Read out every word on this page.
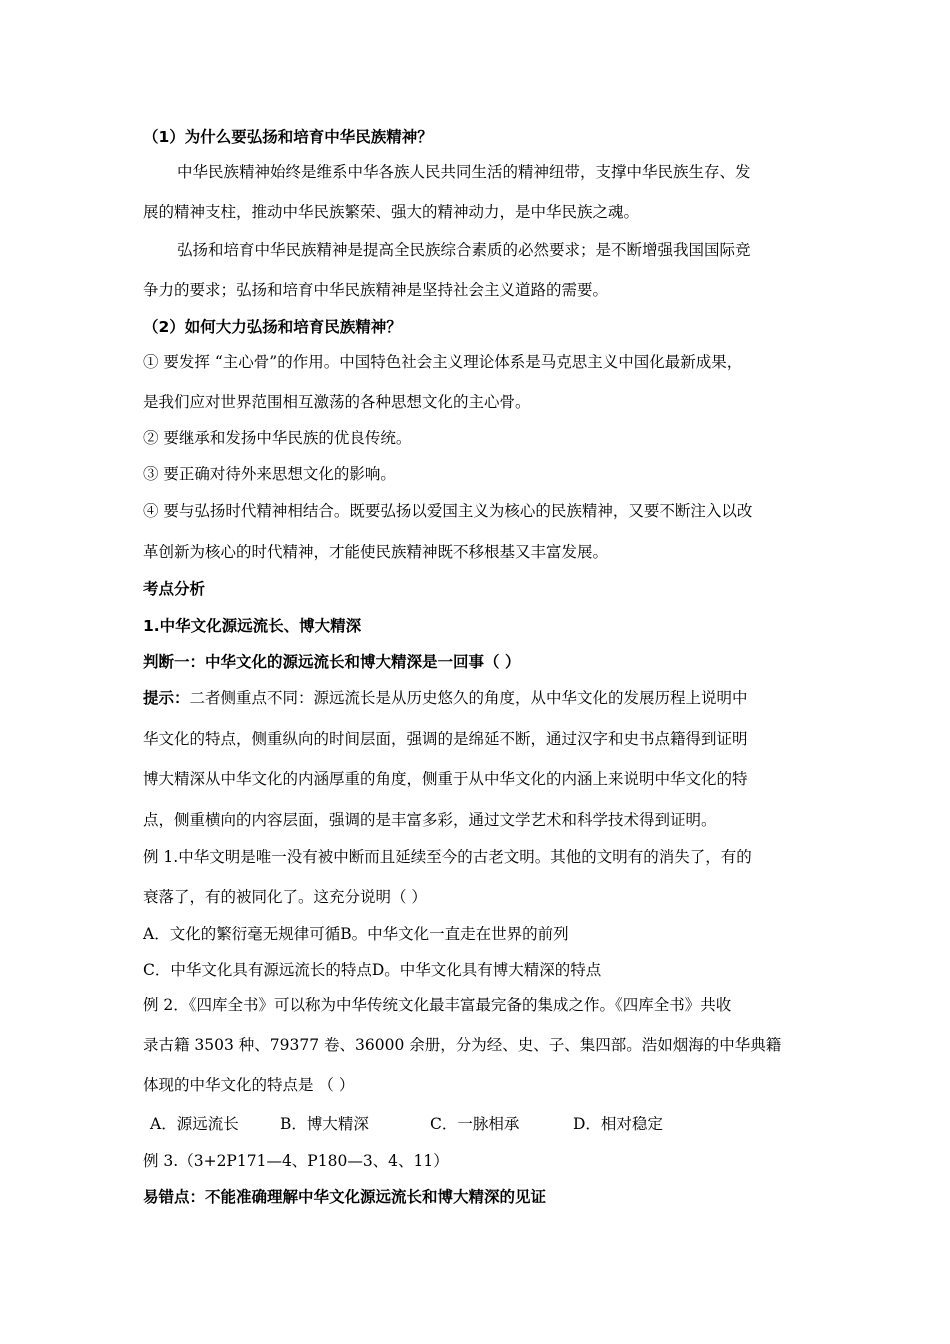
（1）为什么要弘扬和培育中华民族精神？
中华民族精神始终是维系中华各族人民共同生活的精神纽带，支撑中华民族生存、发
展的精神支柱，推动中华民族繁荣、强大的精神动力，是中华民族之魂。
弘扬和培育中华民族精神是提高全民族综合素质的必然要求；是不断增强我国国际竞
争力的要求；弘扬和培育中华民族精神是坚持社会主义道路的需要。
（2）如何大力弘扬和培育民族精神？
① 要发挥 “主心骨”的作用。中国特色社会主义理论体系是马克思主义中国化最新成果，
是我们应对世界范围相互激荡的各种思想文化的主心骨。
② 要继承和发扬中华民族的优良传统。
③ 要正确对待外来思想文化的影响。
④ 要与弘扬时代精神相结合。既要弘扬以爱国主义为核心的民族精神，又要不断注入以改
革创新为核心的时代精神，才能使民族精神既不移根基又丰富发展。
考点分析
1.中华文化源远流长、博大精深
判断一：中华文化的源远流长和博大精深是一回事（ ）
提示：二者侧重点不同：源远流长是从历史悠久的角度，从中华文化的发展历程上说明中
华文化的特点，侧重纵向的时间层面，强调的是绵延不断，通过汉字和史书点籍得到证明
博大精深从中华文化的内涵厚重的角度，侧重于从中华文化的内涵上来说明中华文化的特
点，侧重横向的内容层面，强调的是丰富多彩，通过文学艺术和科学技术得到证明。
例 1.中华文明是唯一没有被中断而且延续至今的古老文明。其他的文明有的消失了，有的
衰落了，有的被同化了。这充分说明（ ）
A．文化的繁衍毫无规律可循B。中华文化一直走在世界的前列
C．中华文化具有源远流长的特点D。中华文化具有博大精深的特点
例 2．《四库全书》可以称为中华传统文化最丰富最完备的集成之作。《四库全书》共收
录古籍 3503 种、79377 卷、36000 余册，分为经、史、子、集四部。浩如烟海的中华典籍
体现的中华文化的特点是 （ ）
A．源远流长	B．博大精深	C．一脉相承	D．相对稳定
例 3.（3+2P171—4、P180—3、4、11）
易错点：不能准确理解中华文化源远流长和博大精深的见证
